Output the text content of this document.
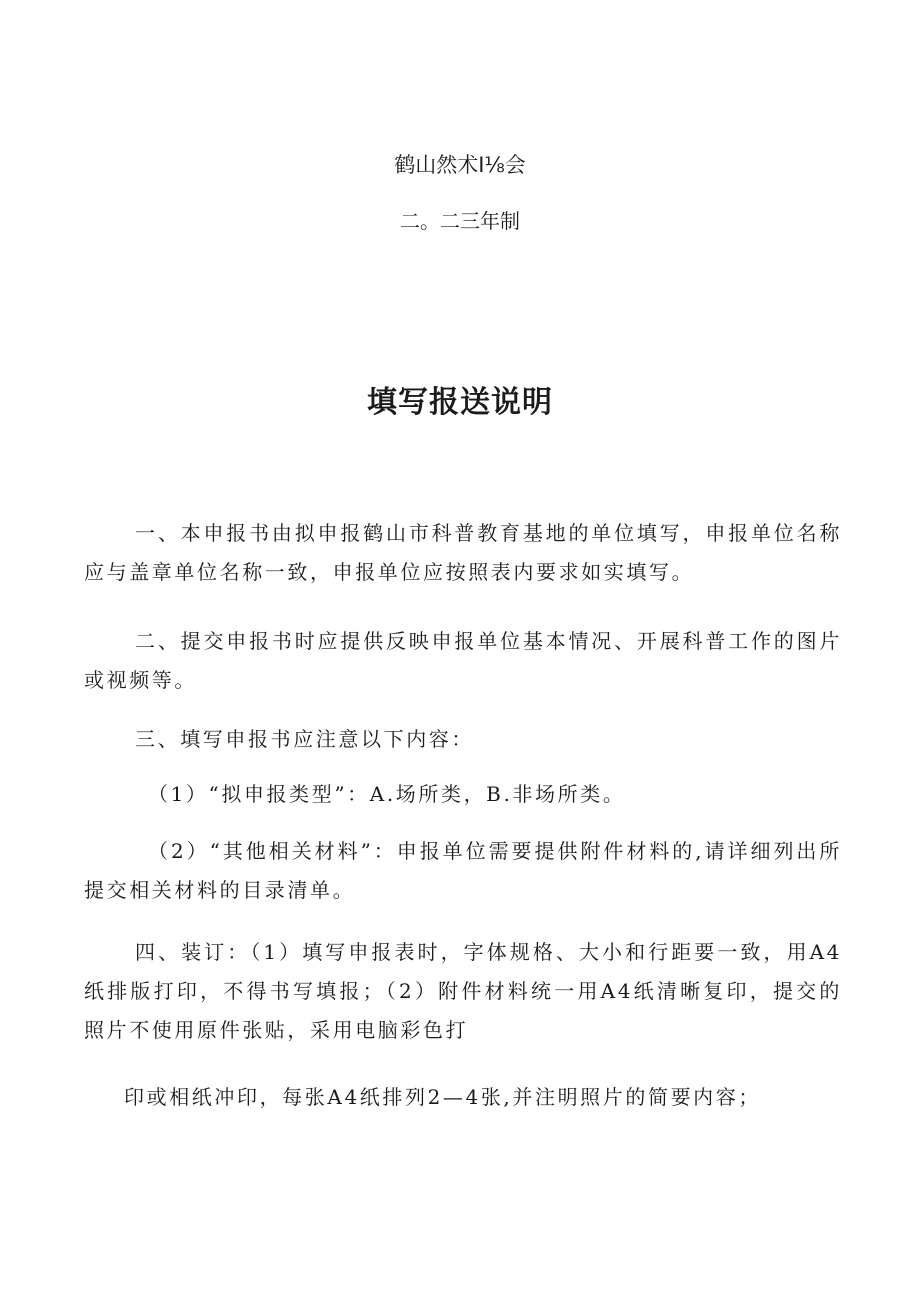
鹤山然术I⅛会
二。二三年制
填写报送说明

一、本申报书由拟申报鹤山市科普教育基地的单位填写，申报单位名称应与盖章单位名称一致，申报单位应按照表内要求如实填写。

二、提交申报书时应提供反映申报单位基本情况、开展科普工作的图片或视频等。

三、填写申报书应注意以下内容：

（1）“拟申报类型”：A.场所类，B.非场所类。

（2）“其他相关材料”：申报单位需要提供附件材料的,请详细列出所提交相关材料的目录清单。

四、装订：（1）填写申报表时，字体规格、大小和行距要一致，用A4纸排版打印，不得书写填报；（2）附件材料统一用A4纸清晰复印，提交的照片不使用原件张贴，采用电脑彩色打

印或相纸冲印，每张A4纸排列2—4张,并注明照片的简要内容；
